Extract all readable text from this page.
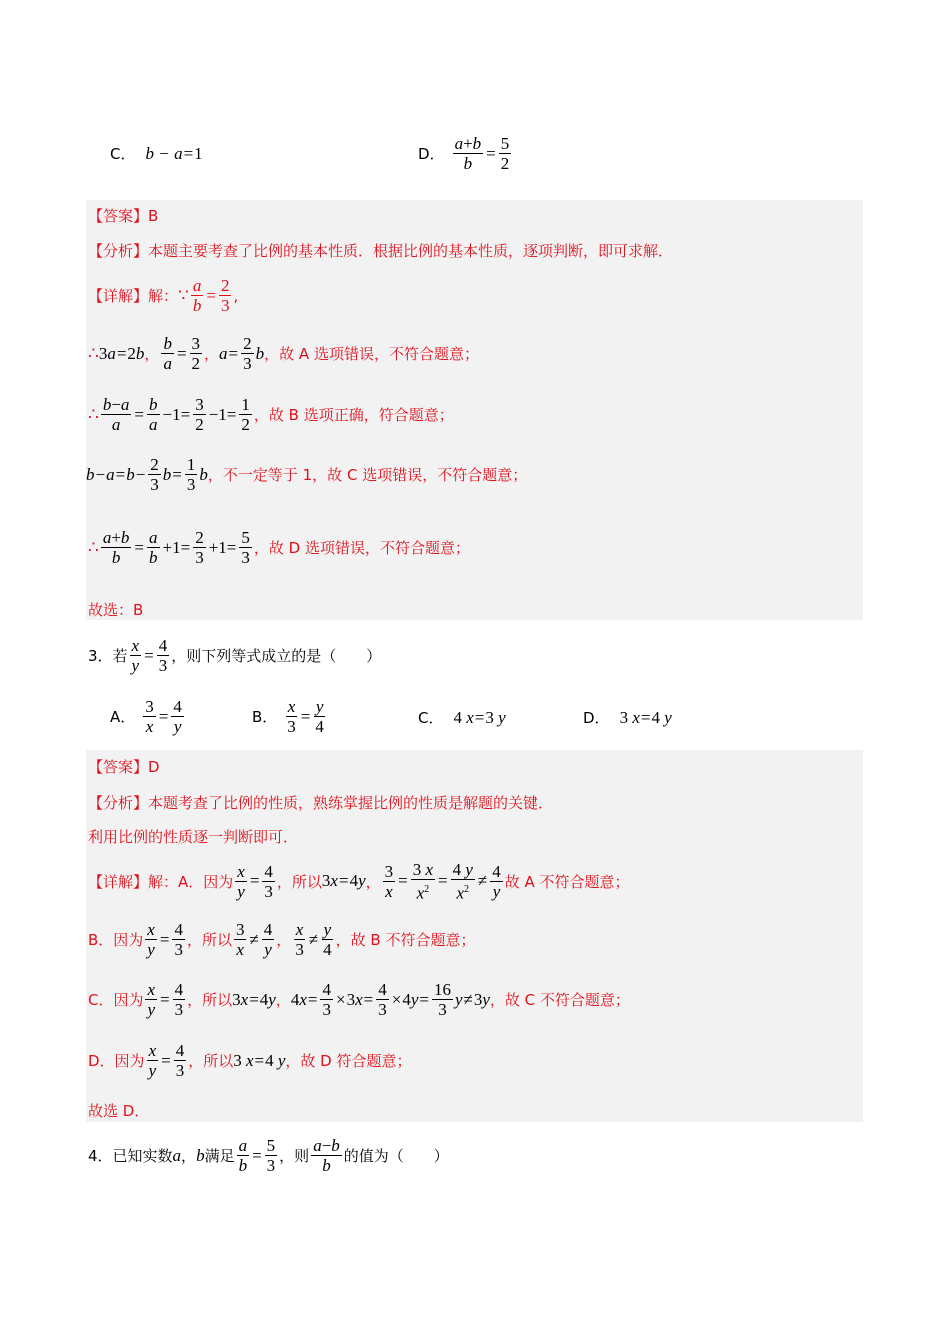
C． b − a=1	D． $\frac{a+b}{b} = \frac{5}{2}$
【答案】B
【分析】本题主要考查了比例的基本性质．根据比例的基本性质，逐项判断，即可求解．
【详解】解： ∵ $\frac{a}{b} = \frac{2}{3}$ ,
∴ 3 a = 2 b ， $\frac{b}{a} = \frac{3}{2}$ ， $a = \frac{2}{3}$ b ，故 A 选项错误，不符合题意；
∴ $\frac{b-a}{a} = \frac{b}{a} -1= \frac{3}{2} -1= \frac{1}{2}$ ，故 B 选项正确，符合题意；
$b - a = b - \frac{2}{3}$ $b = \frac{1}{3}$ b ，不一定等于 1，故 C 选项错误，不符合题意；
∴ $\frac{a+b}{b} = \frac{a}{b} +1= \frac{2}{3} +1= \frac{5}{3}$ ，故 D 选项错误，不符合题意；
故选：B
3．若 $\frac{x}{y} = \frac{4}{3}$ ，则下列等式成立的是（　　）
A． $\frac{3}{x} = \frac{4}{y}$	B． $\frac{x}{3} = \frac{y}{4}$	C． 4 x=3 y	D． 3 x=4 y
【答案】D
【分析】本题考查了比例的性质，熟练掌握比例的性质是解题的关键．
利用比例的性质逐一判断即可．
【详解】解：A．因为 $\frac{x}{y} = \frac{4}{3}$ ，所以 3 x = 4 y ， $\frac{3}{x} = \frac{3 x}{x^2} = \frac{4 y}{x^2} \ne \frac{4}{y}$ 故 A 不符合题意；
B．因为 $\frac{x}{y} = \frac{4}{3}$ ，所以 $\frac{3}{x} \ne \frac{4}{y}$ ， $\frac{x}{3} \ne \frac{y}{4}$ ，故 B 不符合题意；
C．因为 $\frac{x}{y} = \frac{4}{3}$ ，所以 3 x = 4 y ， 4 $x = \frac{4}{3} \times 3$ $x = \frac{4}{3} \times 4$ $y = \frac{16}{3}$ y ≠ 3 y ，故 C 不符合题意；
D．因为 $\frac{x}{y} = \frac{4}{3}$ ，所以 3 x=4 y ，故 D 符合题意；
故选 D．
4．已知实数 a，b 满足 $\frac{a}{b} = \frac{5}{3}$ ，则 $\frac{a-b}{b}$ 的值为（　　）
